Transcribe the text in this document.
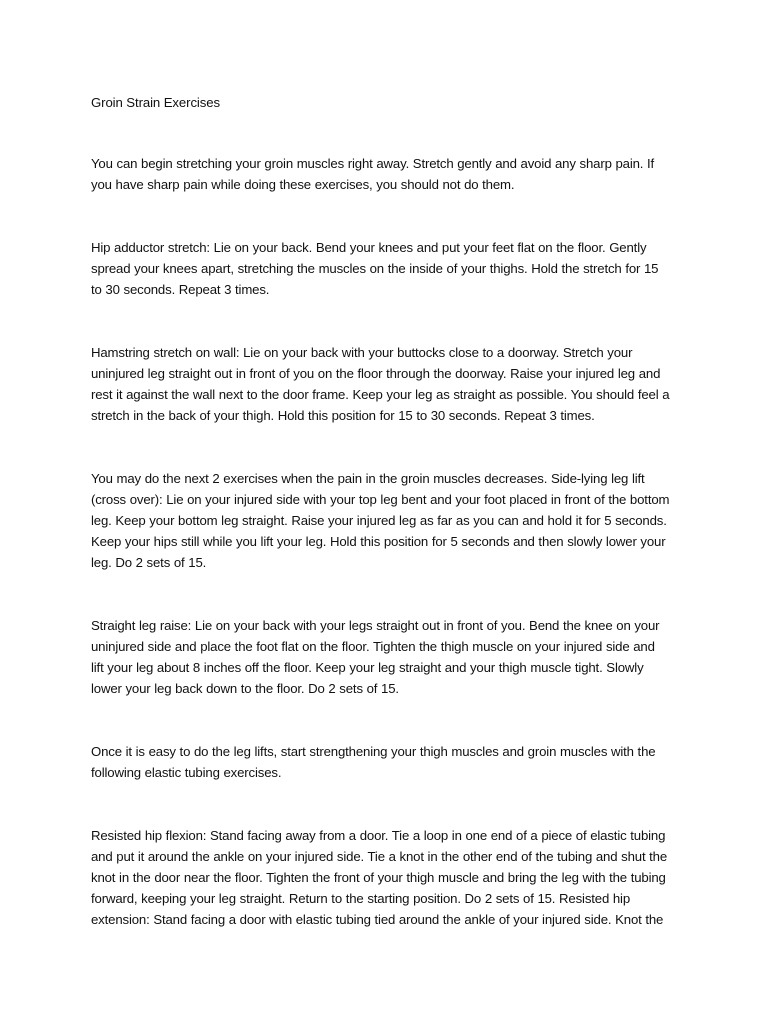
Groin Strain Exercises

You can begin stretching your groin muscles right away. Stretch gently and avoid any sharp pain. If you have sharp pain while doing these exercises, you should not do them.

Hip adductor stretch: Lie on your back. Bend your knees and put your feet flat on the floor. Gently spread your knees apart, stretching the muscles on the inside of your thighs. Hold the stretch for 15 to 30 seconds. Repeat 3 times.

Hamstring stretch on wall: Lie on your back with your buttocks close to a doorway. Stretch your uninjured leg straight out in front of you on the floor through the doorway. Raise your injured leg and rest it against the wall next to the door frame. Keep your leg as straight as possible. You should feel a stretch in the back of your thigh. Hold this position for 15 to 30 seconds. Repeat 3 times.

You may do the next 2 exercises when the pain in the groin muscles decreases. Side-lying leg lift (cross over): Lie on your injured side with your top leg bent and your foot placed in front of the bottom leg. Keep your bottom leg straight. Raise your injured leg as far as you can and hold it for 5 seconds. Keep your hips still while you lift your leg. Hold this position for 5 seconds and then slowly lower your leg. Do 2 sets of 15.

Straight leg raise: Lie on your back with your legs straight out in front of you. Bend the knee on your uninjured side and place the foot flat on the floor. Tighten the thigh muscle on your injured side and lift your leg about 8 inches off the floor. Keep your leg straight and your thigh muscle tight. Slowly lower your leg back down to the floor. Do 2 sets of 15.

Once it is easy to do the leg lifts, start strengthening your thigh muscles and groin muscles with the following elastic tubing exercises.

Resisted hip flexion: Stand facing away from a door. Tie a loop in one end of a piece of elastic tubing and put it around the ankle on your injured side. Tie a knot in the other end of the tubing and shut the knot in the door near the floor. Tighten the front of your thigh muscle and bring the leg with the tubing forward, keeping your leg straight. Return to the starting position. Do 2 sets of 15. Resisted hip extension: Stand facing a door with elastic tubing tied around the ankle of your injured side. Knot the
